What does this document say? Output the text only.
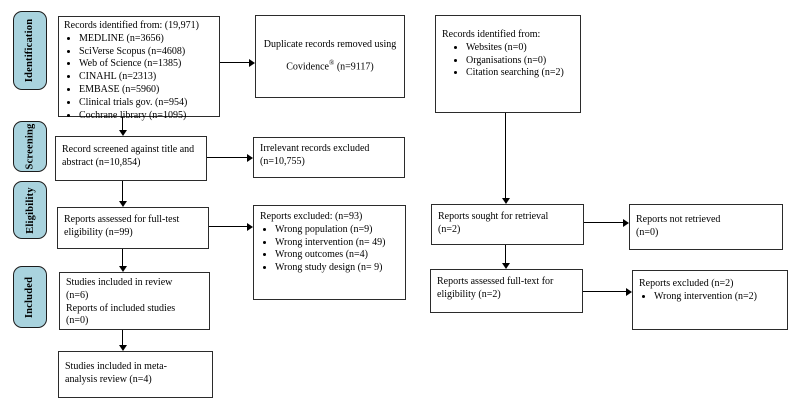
Identification
Screening
Eligibility
Included
Records identified from: (19,971)
• MEDLINE (n=3656)
• SciVerse Scopus (n=4608)
• Web of Science (n=1385)
• CINAHL (n=2313)
• EMBASE (n=5960)
• Clinical trials gov. (n=954)
• Cochrane library (n=1095)
Record screened against title and
abstract (n=10,854)
Reports assessed for full-test
eligibility (n=99)
Studies included in review
(n=6)
Reports of included studies
(n=0)
Studies included in meta-
analysis review (n=4)
Duplicate records removed using
Covidence® (n=9117)
Irrelevant records excluded
(n=10,755)
Reports excluded: (n=93)
• Wrong population (n=9)
• Wrong intervention (n= 49)
• Wrong outcomes (n=4)
• Wrong study design (n= 9)
Records identified from:
• Websites (n=0)
• Organisations (n=0)
• Citation searching (n=2)
Reports sought for retrieval
(n=2)
Reports not retrieved
(n=0)
Reports assessed full-text for
eligibility (n=2)
Reports excluded (n=2)
• Wrong intervention (n=2)
